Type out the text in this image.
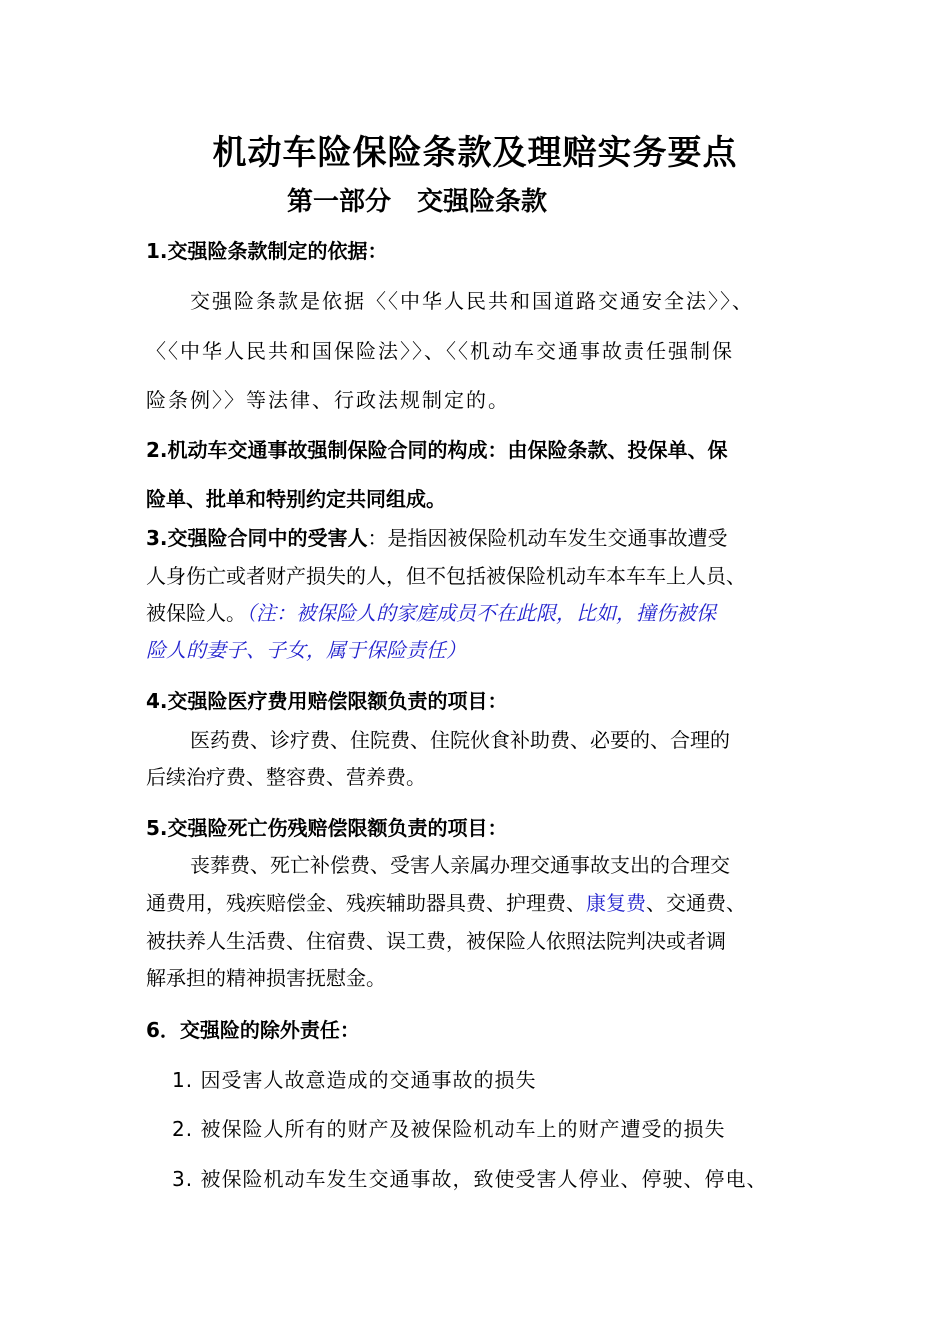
机动车险保险条款及理赔实务要点
第一部分　交强险条款
1.交强险条款制定的依据：
交强险条款是依据〈〈中华人民共和国道路交通安全法〉〉、
〈〈中华人民共和国保险法〉〉、〈〈机动车交通事故责任强制保
险条例〉〉等法律、行政法规制定的。
2.机动车交通事故强制保险合同的构成：由保险条款、投保单、保
险单、批单和特别约定共同组成。
3.交强险合同中的受害人：是指因被保险机动车发生交通事故遭受
人身伤亡或者财产损失的人，但不包括被保险机动车本车车上人员、
被保险人。（注：被保险人的家庭成员不在此限，比如，撞伤被保
险人的妻子、子女，属于保险责任）
4.交强险医疗费用赔偿限额负责的项目：
医药费、诊疗费、住院费、住院伙食补助费、必要的、合理的
后续治疗费、整容费、营养费。
5.交强险死亡伤残赔偿限额负责的项目：
丧葬费、死亡补偿费、受害人亲属办理交通事故支出的合理交
通费用，残疾赔偿金、残疾辅助器具费、护理费、康复费、交通费、
被扶养人生活费、住宿费、误工费，被保险人依照法院判决或者调
解承担的精神损害抚慰金。
6．交强险的除外责任：
1. 因受害人故意造成的交通事故的损失
2. 被保险人所有的财产及被保险机动车上的财产遭受的损失
3. 被保险机动车发生交通事故，致使受害人停业、停驶、停电、
